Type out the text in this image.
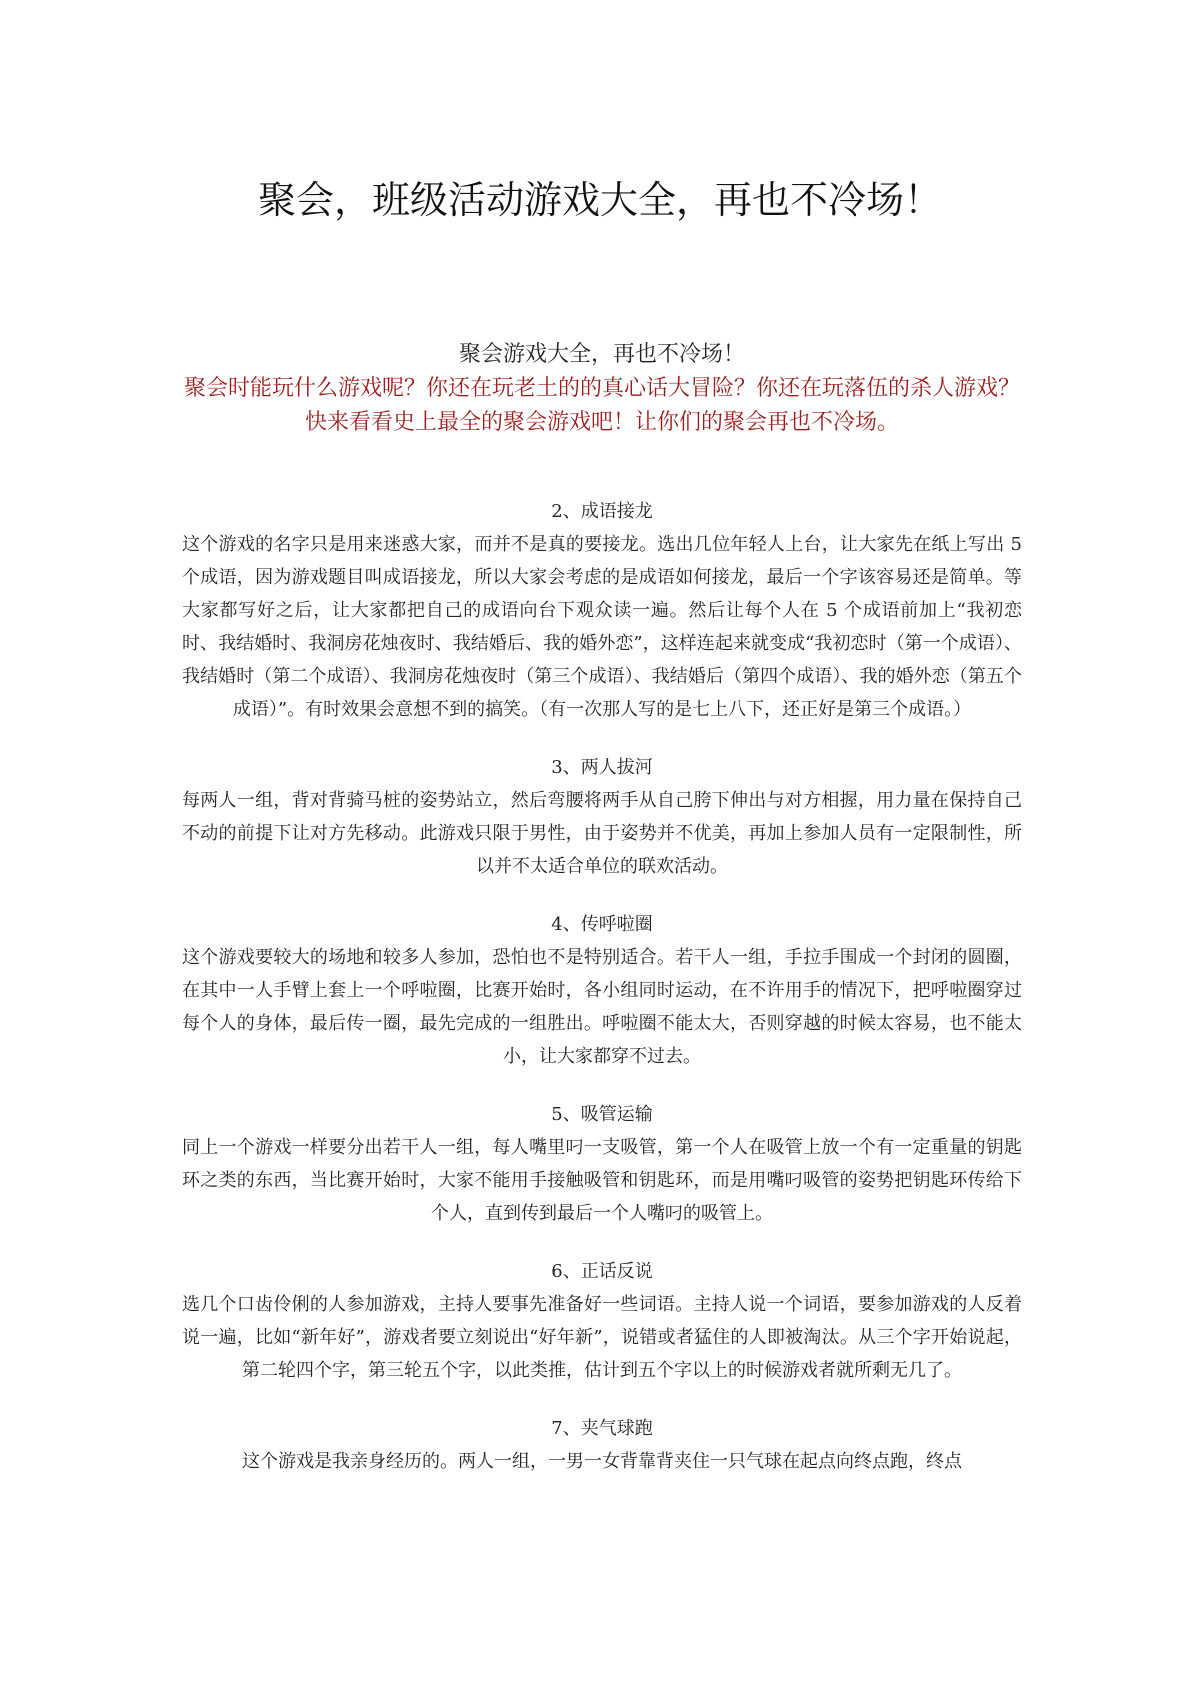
聚会，班级活动游戏大全，再也不冷场！

聚会游戏大全，再也不冷场！

聚会时能玩什么游戏呢？你还在玩老土的的真心话大冒险？你还在玩落伍的杀人游戏？快来看看史上最全的聚会游戏吧！让你们的聚会再也不冷场。

2、成语接龙

这个游戏的名字只是用来迷惑大家，而并不是真的要接龙。选出几位年轻人上台，让大家先在纸上写出 5 个成语，因为游戏题目叫成语接龙，所以大家会考虑的是成语如何接龙，最后一个字该容易还是简单。等大家都写好之后，让大家都把自己的成语向台下观众读一遍。然后让每个人在 5 个成语前加上“我初恋时、我结婚时、我洞房花烛夜时、我结婚后、我的婚外恋”，这样连起来就变成“我初恋时（第一个成语）、我结婚时（第二个成语）、我洞房花烛夜时（第三个成语）、我结婚后（第四个成语）、我的婚外恋（第五个成语）”。有时效果会意想不到的搞笑。（有一次那人写的是七上八下，还正好是第三个成语。）

3、两人拔河

每两人一组，背对背骑马桩的姿势站立，然后弯腰将两手从自己胯下伸出与对方相握，用力量在保持自己不动的前提下让对方先移动。此游戏只限于男性，由于姿势并不优美，再加上参加人员有一定限制性，所以并不太适合单位的联欢活动。

4、传呼啦圈

这个游戏要较大的场地和较多人参加，恐怕也不是特别适合。若干人一组，手拉手围成一个封闭的圆圈，在其中一人手臂上套上一个呼啦圈，比赛开始时，各小组同时运动，在不许用手的情况下，把呼啦圈穿过每个人的身体，最后传一圈，最先完成的一组胜出。呼啦圈不能太大，否则穿越的时候太容易，也不能太小，让大家都穿不过去。

5、吸管运输

同上一个游戏一样要分出若干人一组，每人嘴里叼一支吸管，第一个人在吸管上放一个有一定重量的钥匙环之类的东西，当比赛开始时，大家不能用手接触吸管和钥匙环，而是用嘴叼吸管的姿势把钥匙环传给下个人，直到传到最后一个人嘴叼的吸管上。

6、正话反说

选几个口齿伶俐的人参加游戏，主持人要事先准备好一些词语。主持人说一个词语，要参加游戏的人反着说一遍，比如“新年好”，游戏者要立刻说出“好年新”，说错或者猛住的人即被淘汰。从三个字开始说起，第二轮四个字，第三轮五个字，以此类推，估计到五个字以上的时候游戏者就所剩无几了。

7、夹气球跑

这个游戏是我亲身经历的。两人一组，一男一女背靠背夹住一只气球在起点向终点跑，终点
